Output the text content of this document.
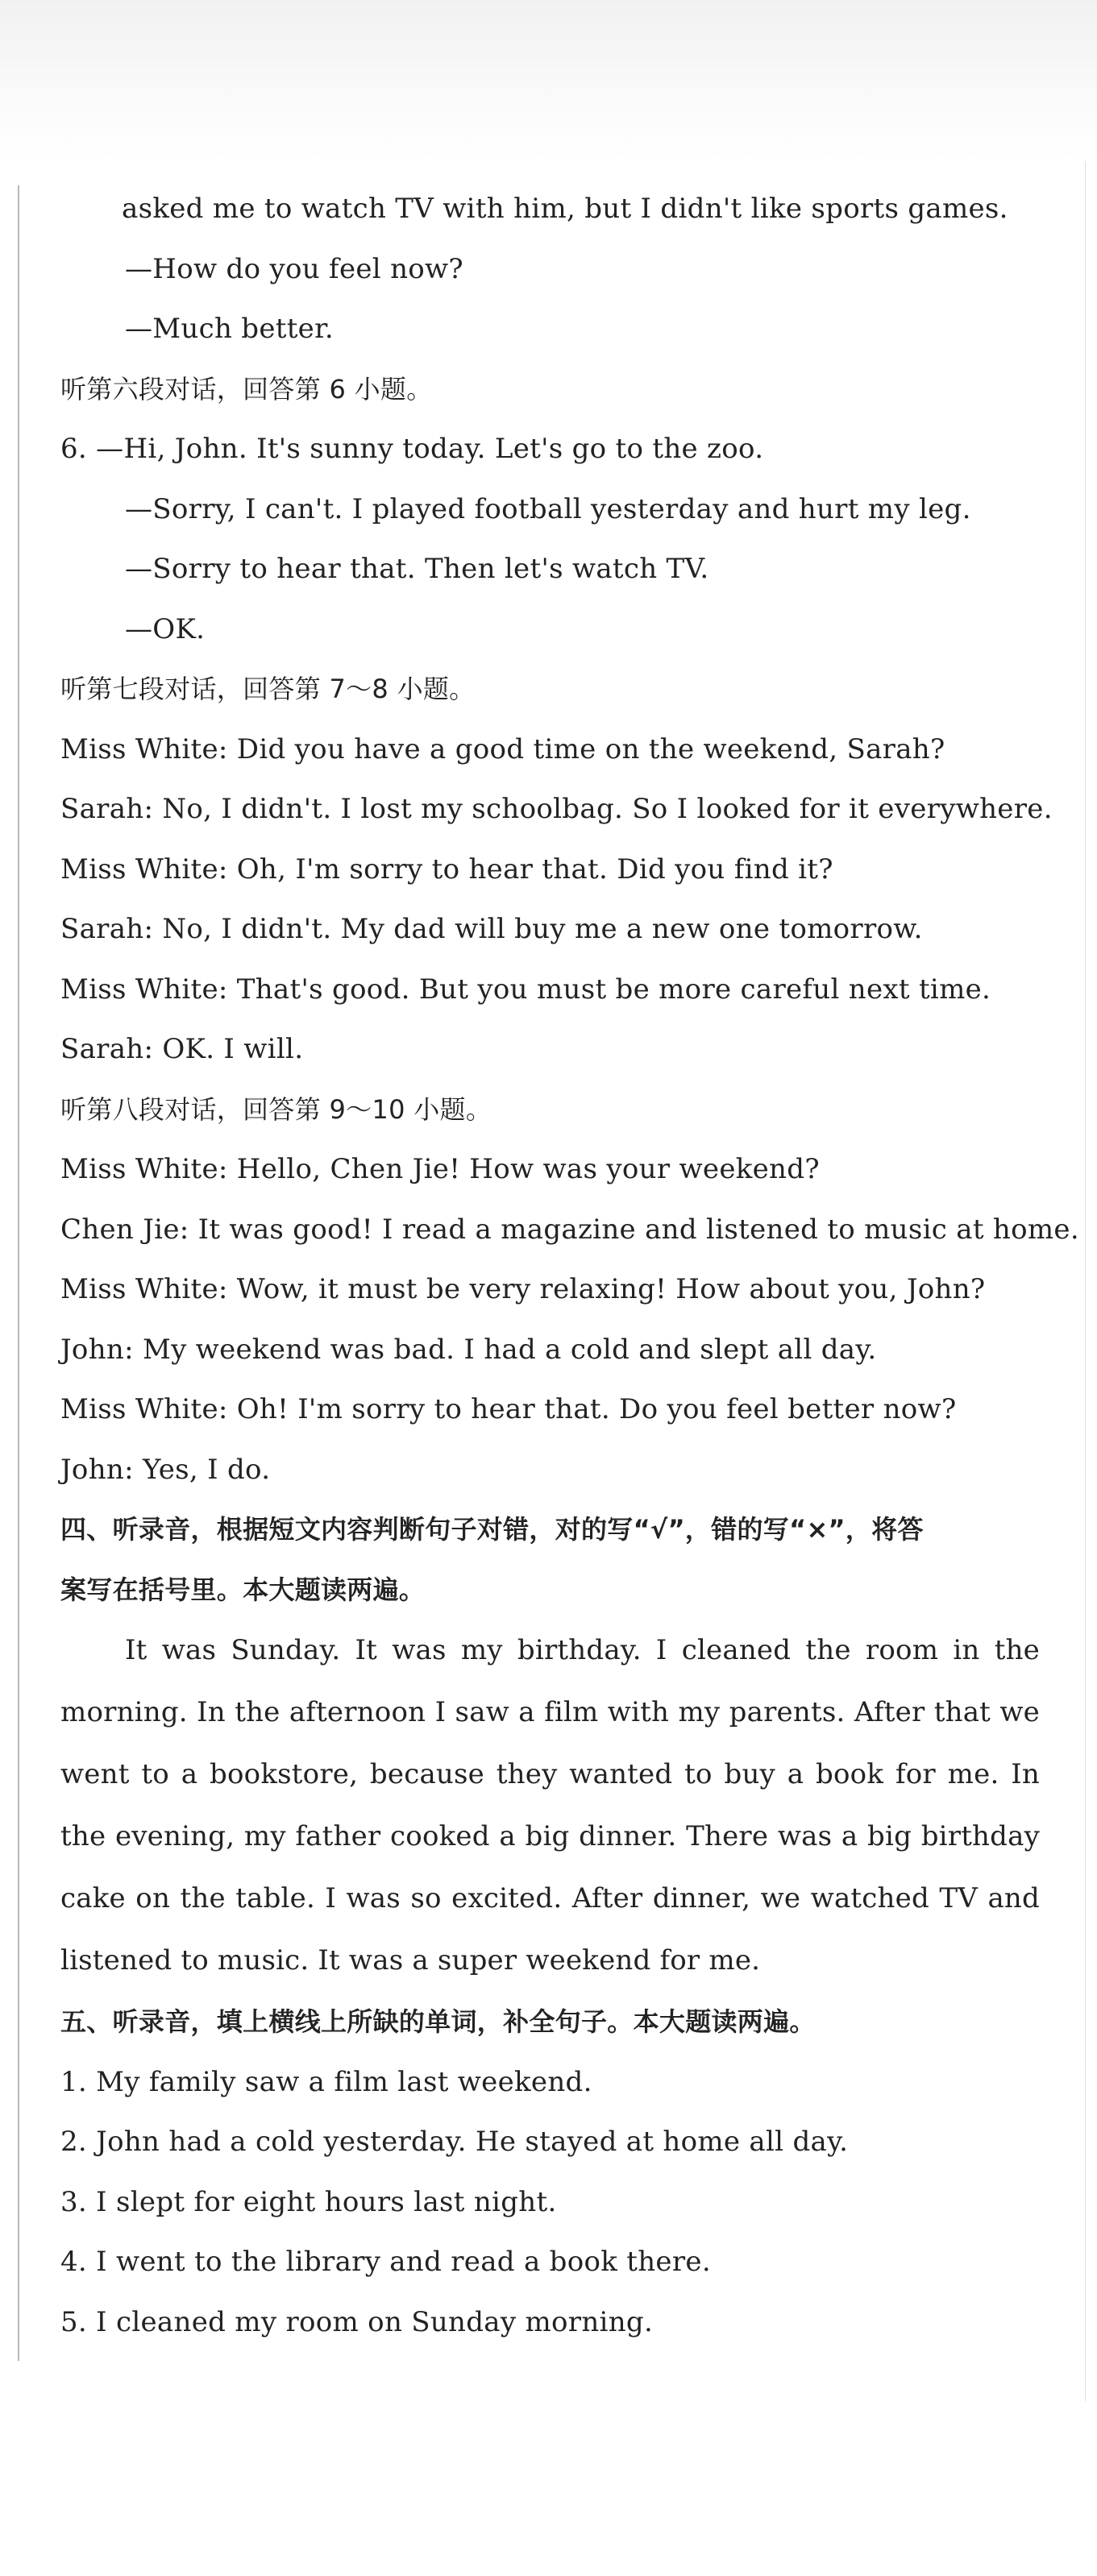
asked me to watch TV with him, but I didn't like sports games.
—How do you feel now?
—Much better.
听第六段对话，回答第 6 小题。
6. —Hi, John. It's sunny today. Let's go to the zoo.
—Sorry, I can't. I played football yesterday and hurt my leg.
—Sorry to hear that. Then let's watch TV.
—OK.
听第七段对话，回答第 7～8 小题。
Miss White: Did you have a good time on the weekend, Sarah?
Sarah: No, I didn't. I lost my schoolbag. So I looked for it everywhere.
Miss White: Oh, I'm sorry to hear that. Did you find it?
Sarah: No, I didn't. My dad will buy me a new one tomorrow.
Miss White: That's good. But you must be more careful next time.
Sarah: OK. I will.
听第八段对话，回答第 9～10 小题。
Miss White: Hello, Chen Jie! How was your weekend?
Chen Jie: It was good! I read a magazine and listened to music at home.
Miss White: Wow, it must be very relaxing! How about you, John?
John: My weekend was bad. I had a cold and slept all day.
Miss White: Oh! I'm sorry to hear that. Do you feel better now?
John: Yes, I do.
四、听录音，根据短文内容判断句子对错，对的写“√”，错的写“×”，将答
案写在括号里。本大题读两遍。

It was Sunday. It was my birthday. I cleaned the room in the morning. In the afternoon I saw a film with my parents. After that we went to a bookstore, because they wanted to buy a book for me. In the evening, my father cooked a big dinner. There was a big birthday cake on the table. I was so excited. After dinner, we watched TV and listened to music. It was a super weekend for me.

五、听录音，填上横线上所缺的单词，补全句子。本大题读两遍。
1. My family saw a film last weekend.
2. John had a cold yesterday. He stayed at home all day.
3. I slept for eight hours last night.
4. I went to the library and read a book there.
5. I cleaned my room on Sunday morning.
